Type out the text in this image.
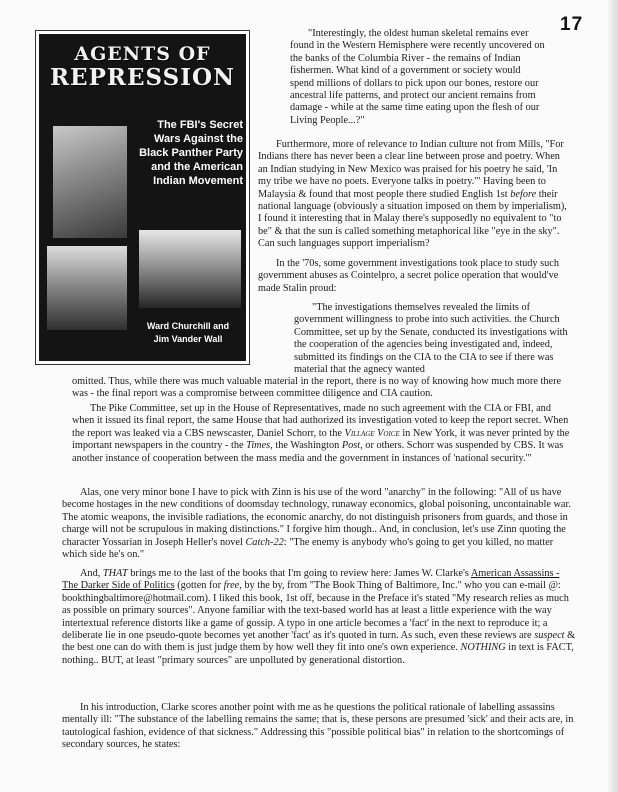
17
AGENTS OF
REPRESSION
The FBI's Secret Wars Against the Black Panther Party and the American Indian Movement
Ward Churchill and
Jim Vander Wall

"Interestingly, the oldest human skeletal remains ever found in the Western Hemisphere were recently uncovered on the banks of the Columbia River - the remains of Indian fishermen. What kind of a government or society would spend millions of dollars to pick upon our bones, restore our ancestral life patterns, and protect our ancient remains from damage - while at the same time eating upon the flesh of our Living People...?"

Furthermore, more of relevance to Indian culture not from Mills, "For Indians there has never been a clear line between prose and poetry. When an Indian studying in New Mexico was praised for his poetry he said, 'In my tribe we have no poets. Everyone talks in poetry.'" Having been to Malaysia & found that most people there studied English 1st before their national language (obviously a situation imposed on them by imperialism), I found it interesting that in Malay there's supposedly no equivalent to "to be" & that the sun is called something metaphorical like "eye in the sky". Can such languages support imperialism?

In the '70s, some government investigations took place to study such government abuses as Cointelpro, a secret police operation that would've made Stalin proud:

"The investigations themselves revealed the limits of government willingness to probe into such activities. the Church Committee, set up by the Senate, conducted its investigations with the cooperation of the agencies being investigated and, indeed, submitted its findings on the CIA to the CIA to see if there was material that the agnecy wanted

omitted. Thus, while there was much valuable material in the report, there is no way of knowing how much more there was - the final report was a compromise between committee diligence and CIA caution.

The Pike Committee, set up in the House of Representatives, made no such agreement with the CIA or FBI, and when it issued its final report, the same House that had authorized its investigation voted to keep the report secret. When the report was leaked via a CBS newscaster, Daniel Schorr, to the Village Voice in New York, it was never printed by the important newspapers in the country - the Times, the Washington Post, or others. Schorr was suspended by CBS. It was another instance of cooperation between the mass media and the government in instances of 'national security.'"

Alas, one very minor bone I have to pick with Zinn is his use of the word "anarchy" in the following: "All of us have become hostages in the new conditions of doomsday technology, runaway economics, global poisoning, uncontainable war. The atomic weapons, the invisible radiations, the economic anarchy, do not distinguish prisoners from guards, and those in charge will not be scrupulous in making distinctions." I forgive him though.. And, in conclusion, let's use Zinn quoting the character Yossarian in Joseph Heller's novel Catch-22: "The enemy is anybody who's going to get you killed, no matter which side he's on."

And, THAT brings me to the last of the books that I'm going to review here: James W. Clarke's American Assassins - The Darker Side of Politics (gotten for free, by the by, from "The Book Thing of Baltimore, Inc." who you can e-mail @: bookthingbaltimore@hotmail.com). I liked this book, 1st off, because in the Preface it's stated "My research relies as much as possible on primary sources". Anyone familiar with the text-based world has at least a little experience with the way intertextual reference distorts like a game of gossip. A typo in one article becomes a 'fact' in the next to reproduce it; a deliberate lie in one pseudo-quote becomes yet another 'fact' as it's quoted in turn. As such, even these reviews are suspect & the best one can do with them is just judge them by how well they fit into one's own experience. NOTHING in text is FACT, nothing.. BUT, at least "primary sources" are unpolluted by generational distortion.

In his introduction, Clarke scores another point with me as he questions the political rationale of labelling assassins mentally ill: "The substance of the labelling remains the same; that is, these persons are presumed 'sick' and their acts are, in tautological fashion, evidence of that sickness." Addressing this "possible political bias" in relation to the shortcomings of secondary sources, he states:
